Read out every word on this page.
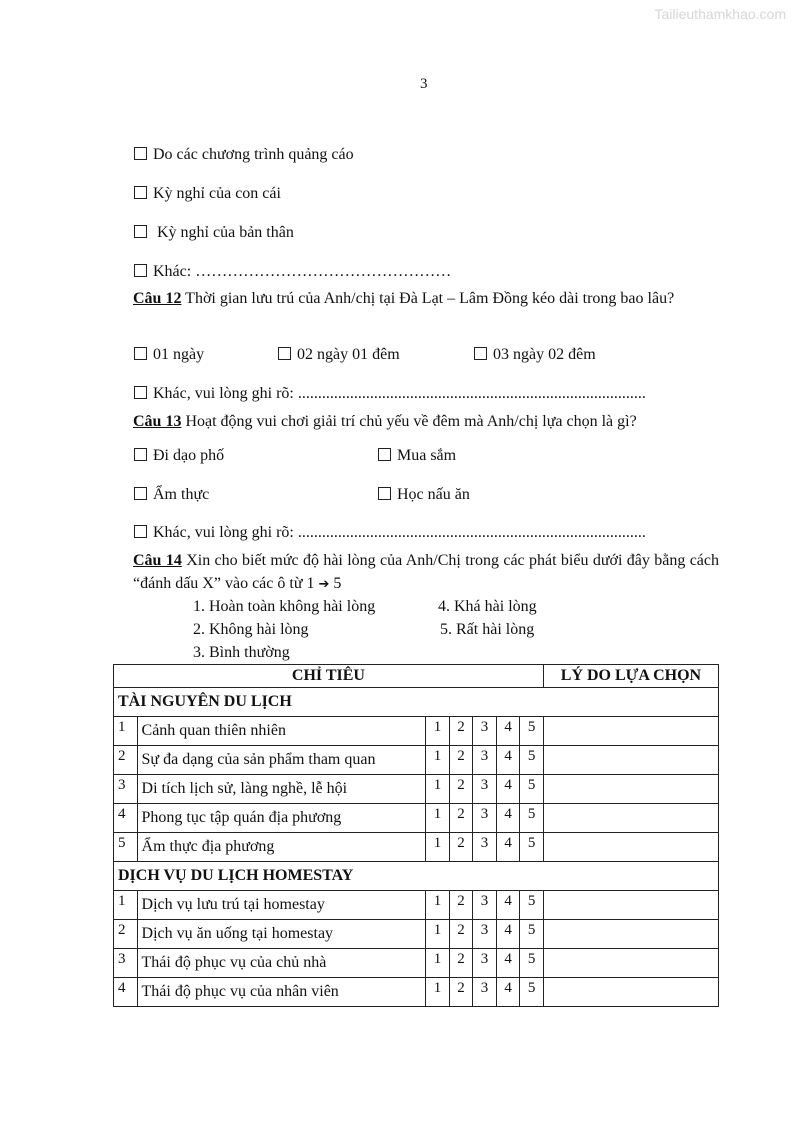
Tailieuthamkhao.com
3
Do các chương trình quảng cáo
Kỳ nghỉ của con cái
Kỳ nghỉ của bản thân
Khác: …………………………………………
Câu 12 Thời gian lưu trú của Anh/chị tại Đà Lạt – Lâm Đồng kéo dài trong bao lâu?
01 ngày	02 ngày 01 đêm	03 ngày 02 đêm
Khác, vui lòng ghi rõ: .......................................................................................
Câu 13 Hoạt động vui chơi giải trí chủ yếu về đêm mà Anh/chị lựa chọn là gì?
Đi dạo phố	Mua sắm
Ẩm thực	Học nấu ăn
Khác, vui lòng ghi rõ: .......................................................................................
Câu 14 Xin cho biết mức độ hài lòng của Anh/Chị trong các phát biểu dưới đây bằng cách “đánh dấu X” vào các ô từ 1 ➔ 5
1. Hoàn toàn không hài lòng
2. Không hài lòng
3. Bình thường
4. Khá hài lòng
5. Rất hài lòng
CHỈ TIÊU							LÝ DO LỰA CHỌN
TÀI NGUYÊN DU LỊCH							
1	Cảnh quan thiên nhiên	1	2	3	4	5	
2	Sự đa dạng của sản phẩm tham quan	1	2	3	4	5	
3	Di tích lịch sử, làng nghề, lễ hội	1	2	3	4	5	
4	Phong tục tập quán địa phương	1	2	3	4	5	
5	Ẩm thực địa phương	1	2	3	4	5	
DỊCH VỤ DU LỊCH HOMESTAY							
1	Dịch vụ lưu trú tại homestay	1	2	3	4	5	
2	Dịch vụ ăn uống tại homestay	1	2	3	4	5	
3	Thái độ phục vụ của chủ nhà	1	2	3	4	5	
4	Thái độ phục vụ của nhân viên	1	2	3	4	5	
